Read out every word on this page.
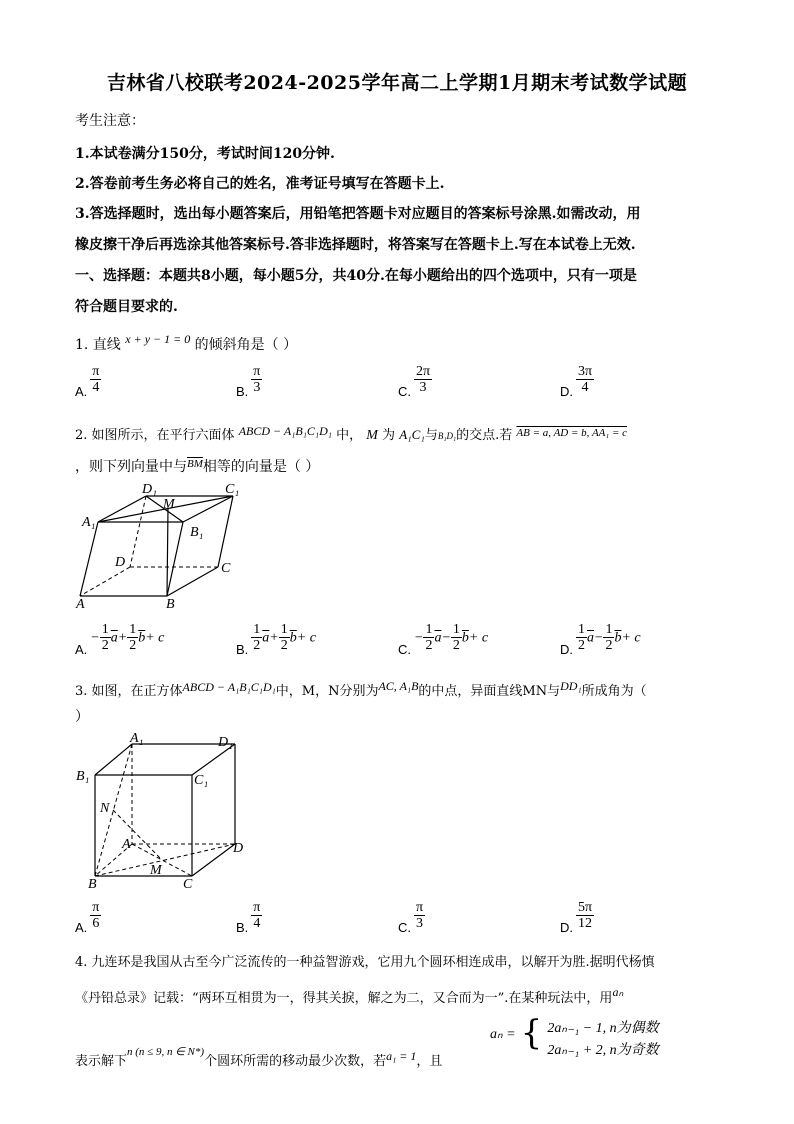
吉林省八校联考2024-2025学年高二上学期1月期末考试数学试题
考生注意：
1.本试卷满分150分，考试时间120分钟.
2.答卷前考生务必将自己的姓名，准考证号填写在答题卡上.
3.答选择题时，选出每小题答案后，用铅笔把答题卡对应题目的答案标号涂黑.如需改动，用
橡皮擦干净后再选涂其他答案标号.答非选择题时，将答案写在答题卡上.写在本试卷上无效.
一、选择题：本题共8小题，每小题5分，共40分.在每小题给出的四个选项中，只有一项是
符合题目要求的.
1. 直线 x + y − 1 = 0 的倾斜角是（ ）
A. $\frac{\pi}{4}$	B. $\frac{\pi}{3}$	C. $\frac{2\pi}{3}$	D. $\frac{3\pi}{4}$
2. 如图所示，在平行六面体 ABCD − A₁B₁C₁D₁ 中， M 为 A₁C₁与B₁D₁的交点.若 $^{AB = a, AD = b, AA_1 = c}$
，则下列向量中与$^{\overline{BM}}$相等的向量是（ ）
D₁	C₁
M
A₁
B₁
D	C
A	B
$A.- \frac{1}{2} \overline{a}+ \frac{1}{2} \overline{b}+ c$
B. $\frac{1}{2} \overline{a}+ \frac{1}{2} \overline{b}+ c$
$C.- \frac{1}{2} \overline{a}- \frac{1}{2} \overline{b}+ c$
D. $\frac{1}{2} \overline{a}- \frac{1}{2} \overline{b}+ c$
3. 如图，在正方体ABCD − A₁B₁C₁D₁中，M，N分别为AC, A₁B的中点，异面直线MN与DD₁所成角为（
）
A₁	D₁
B₁	C₁
N
A	D
M
B	C
A. $\frac{\pi}{6}$	B. $\frac{\pi}{4}$	C. $\frac{\pi}{3}$	D. $\frac{5\pi}{12}$
4. 九连环是我国从古至今广泛流传的一种益智游戏，它用九个圆环相连成串，以解开为胜.据明代杨慎
《丹铅总录》记载：“两环互相贯为一，得其关捩，解之为二，又合而为一”.在某种玩法中，用aₙ
表示解下$^{n (n \le 9, n \in N*)}$个圆环所需的移动最少次数，若a₁ = 1，且
aₙ = { 2aₙ₋₁ − 1, n为偶数
2aₙ₋₁ + 2, n为奇数
